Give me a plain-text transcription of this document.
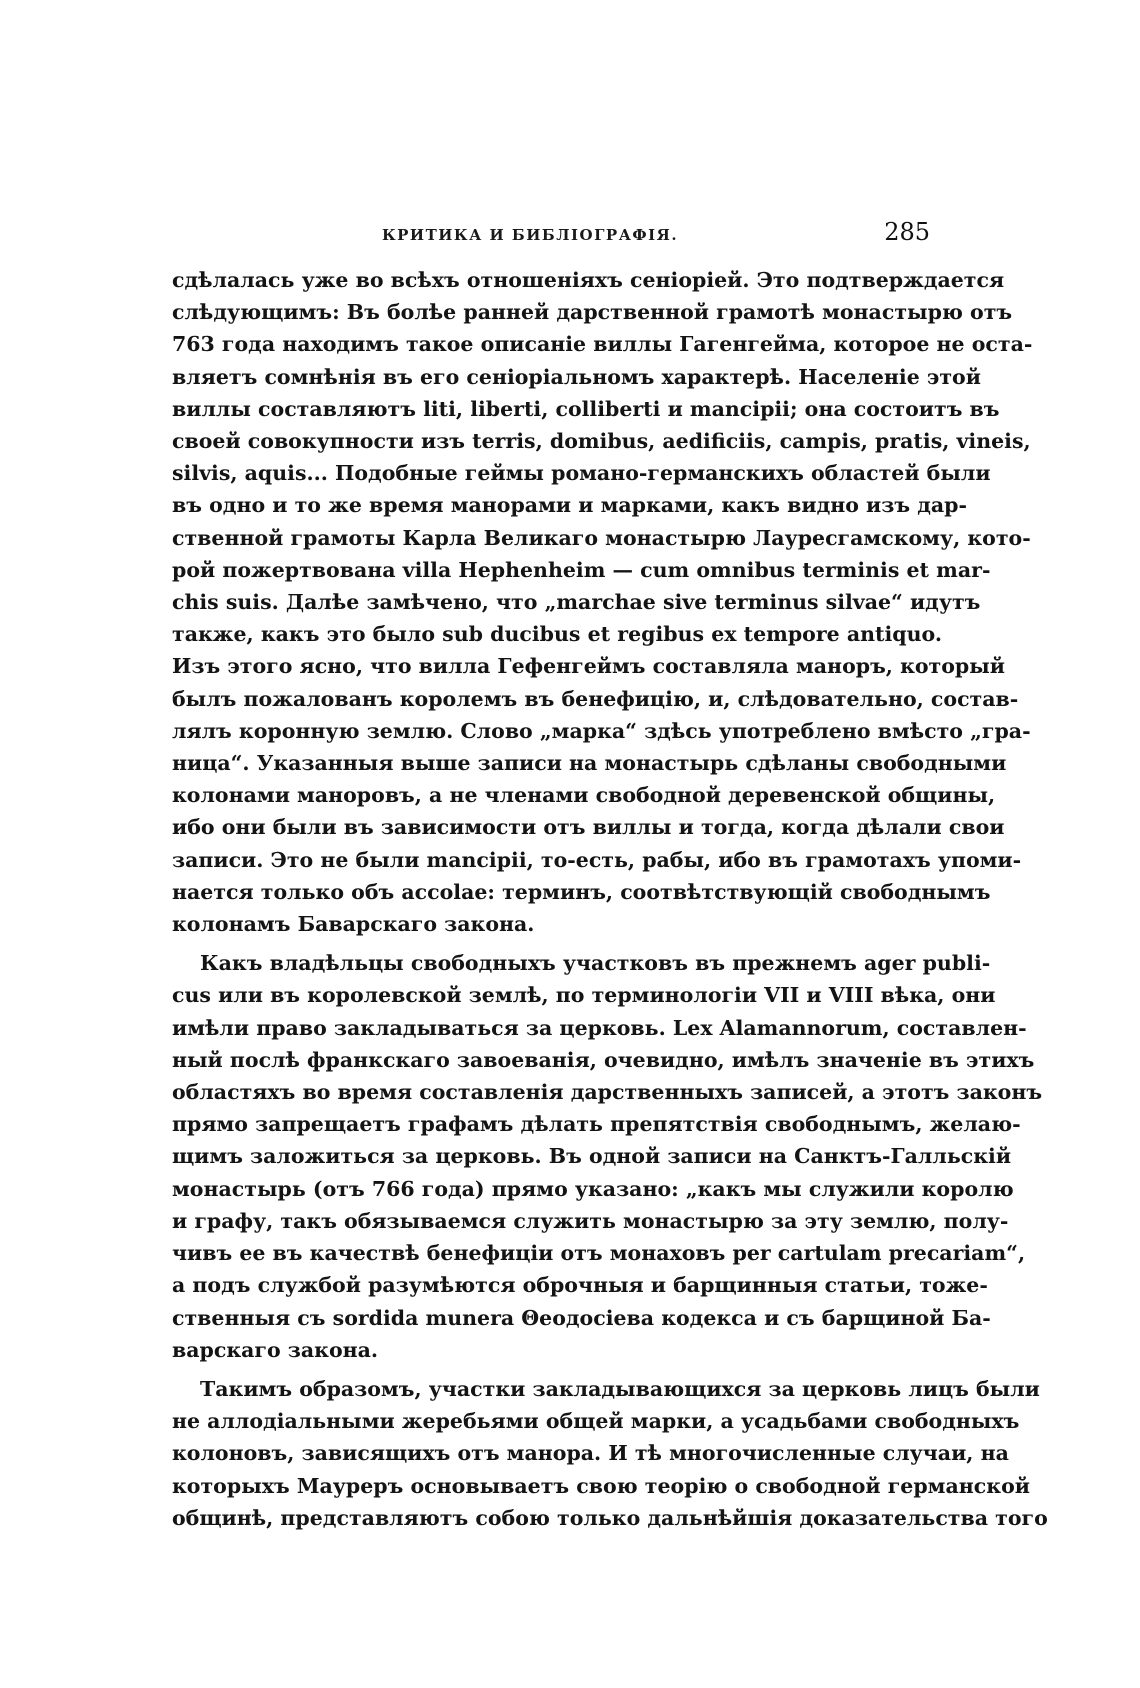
КРИТИКА И БИБЛІОГРАФІЯ.	285
сдѣлалась уже во всѣхъ отношеніяхъ сеніоріей. Это подтверждается
слѣдующимъ: Въ болѣе ранней дарственной грамотѣ монастырю отъ
763 года находимъ такое описаніе виллы Гагенгейма, которое не оста-
вляетъ сомнѣнія въ его сеніоріальномъ характерѣ. Населеніе этой
виллы составляютъ liti, liberti, colliberti и mancipii; она состоитъ въ
своей совокупности изъ terris, domibus, aedificiis, campis, pratis, vineis,
silvis, aquis... Подобные геймы романо-германскихъ областей были
въ одно и то же время манорами и марками, какъ видно изъ дар-
ственной грамоты Карла Великаго монастырю Лауресгамскому, кото-
рой пожертвована villa Hephenheim — cum omnibus terminis et mar-
chis suis. Далѣе замѣчено, что „marchae sive terminus silvae“ идутъ
также, какъ это было sub ducibus et regibus ex tempore antiquo.
Изъ этого ясно, что вилла Гефенгеймъ составляла маноръ, который
былъ пожалованъ королемъ въ бенефицію, и, слѣдовательно, состав-
лялъ коронную землю. Слово „марка“ здѣсь употреблено вмѣсто „гра-
ница“. Указанныя выше записи на монастырь сдѣланы свободными
колонами маноровъ, а не членами свободной деревенской общины,
ибо они были въ зависимости отъ виллы и тогда, когда дѣлали свои
записи. Это не были mancipii, то-есть, рабы, ибо въ грамотахъ упоми-
нается только объ accolae: терминъ, соотвѣтствующій свободнымъ
колонамъ Баварскаго закона.
Какъ владѣльцы свободныхъ участковъ въ прежнемъ ager publi-
cus или въ королевской землѣ, по терминологіи VII и VIII вѣка, они
имѣли право закладываться за церковь. Lex Alamannorum, составлен-
ный послѣ франкскаго завоеванія, очевидно, имѣлъ значеніе въ этихъ
областяхъ во время составленія дарственныхъ записей, а этотъ законъ
прямо запрещаетъ графамъ дѣлать препятствія свободнымъ, желаю-
щимъ заложиться за церковь. Въ одной записи на Санктъ-Галльскій
монастырь (отъ 766 года) прямо указано: „какъ мы служили королю
и графу, такъ обязываемся служить монастырю за эту землю, полу-
чивъ ее въ качествѣ бенефиціи отъ монаховъ per cartulam precariam“,
а подъ службой разумѣются оброчныя и барщинныя статьи, тоже-
ственныя съ sordida munera Θеодосіева кодекса и съ барщиной Ба-
варскаго закона.
Такимъ образомъ, участки закладывающихся за церковь лицъ были
не аллодіальными жеребьями общей марки, а усадьбами свободныхъ
колоновъ, зависящихъ отъ манора. И тѣ многочисленные случаи, на
которыхъ Мауреръ основываетъ свою теорію о свободной германской
общинѣ, представляютъ собою только дальнѣйшія доказательства того
